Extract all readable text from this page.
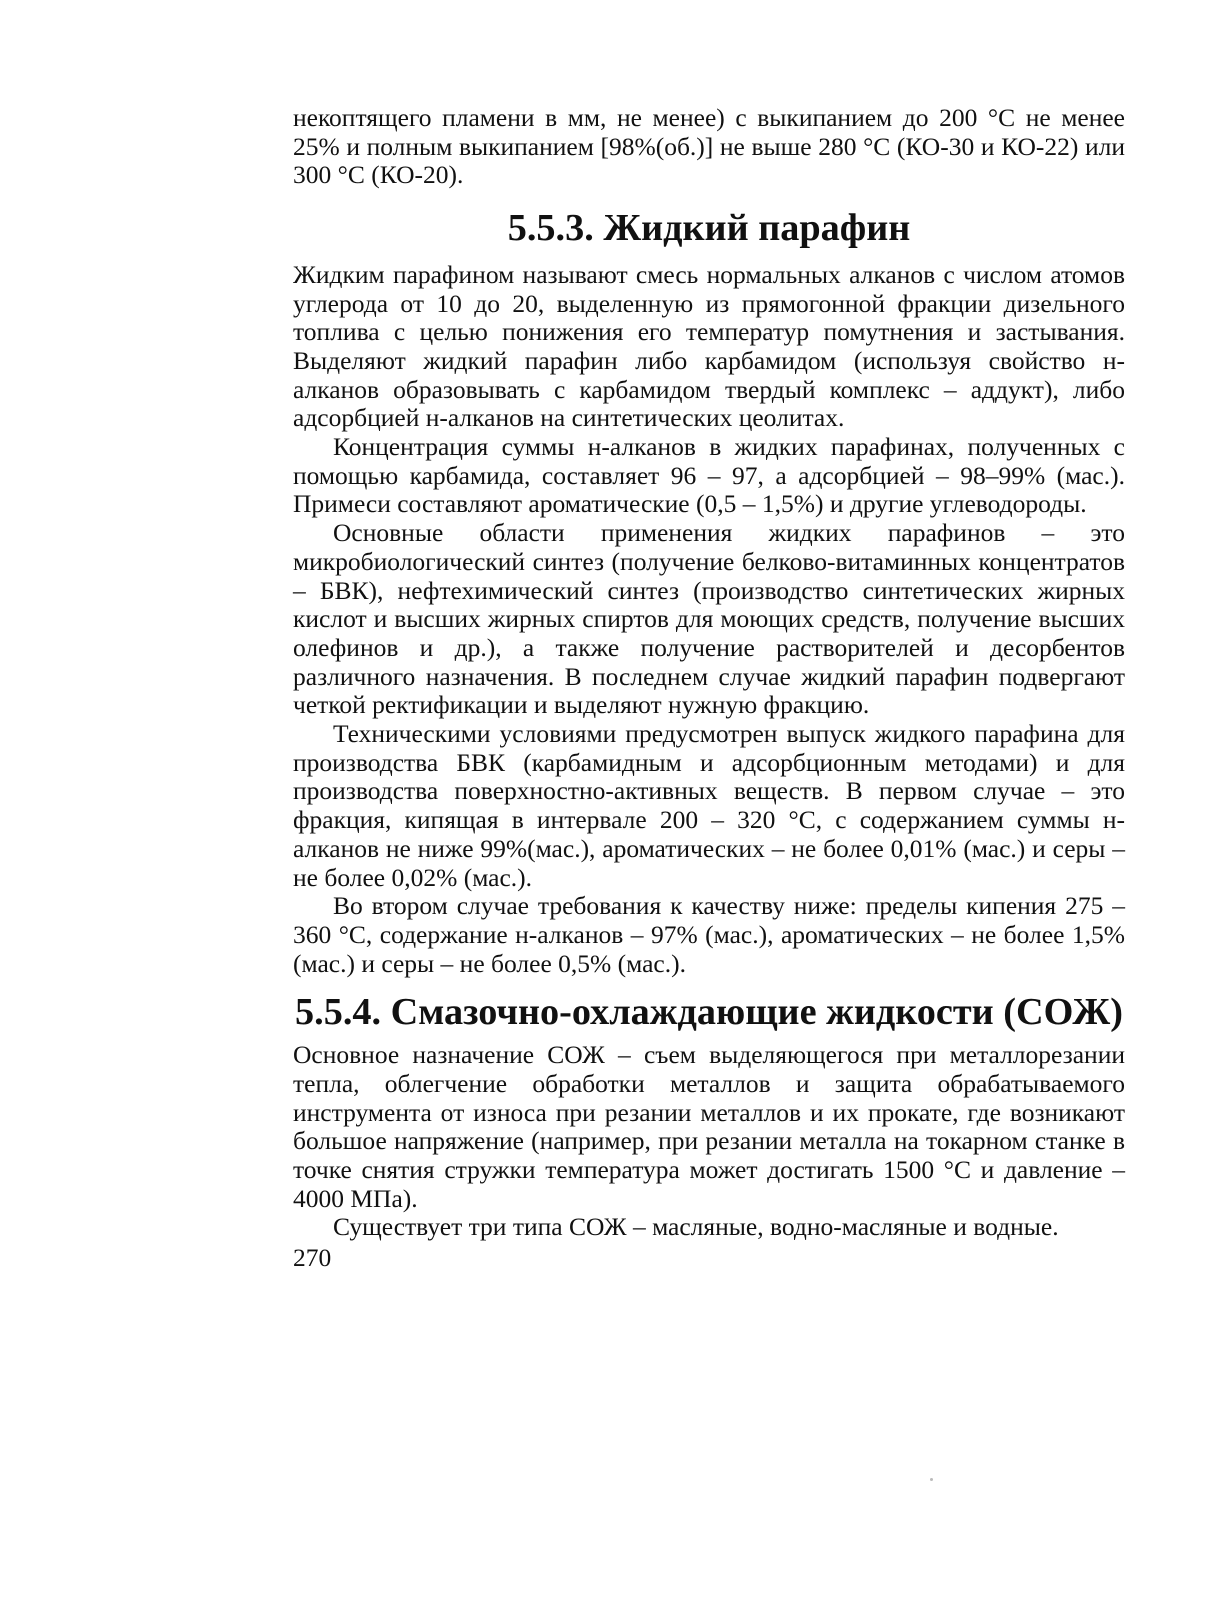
некоптящего пламени в мм, не менее) с выкипанием до 200 °С не менее 25% и полным выкипанием [98%(об.)] не выше 280 °С (КО-30 и КО-22) или 300 °С (КО-20).

5.5.3. Жидкий парафин

Жидким парафином называют смесь нормальных алканов с числом атомов углерода от 10 до 20, выделенную из прямогонной фракции дизельного топлива с целью понижения его температур помутнения и застывания. Выделяют жидкий парафин либо карбамидом (используя свойство н-алканов образовывать с карбамидом твердый комплекс – аддукт), либо адсорбцией н-алканов на синтетических цеолитах.

Концентрация суммы н-алканов в жидких парафинах, полученных с помощью карбамида, составляет 96 – 97, а адсорбцией – 98–99% (мас.). Примеси составляют ароматические (0,5 – 1,5%) и другие углеводороды.

Основные области применения жидких парафинов – это микробиологический синтез (получение белково-витаминных концентратов – БВК), нефтехимический синтез (производство синтетических жирных кислот и высших жирных спиртов для моющих средств, получение высших олефинов и др.), а также получение растворителей и десорбентов различного назначения. В последнем случае жидкий парафин подвергают четкой ректификации и выделяют нужную фракцию.

Техническими условиями предусмотрен выпуск жидкого парафина для производства БВК (карбамидным и адсорбционным методами) и для производства поверхностно-активных веществ. В первом случае – это фракция, кипящая в интервале 200 – 320 °С, с содержанием суммы н-алканов не ниже 99%(мас.), ароматических – не более 0,01% (мас.) и серы – не более 0,02% (мас.).

Во втором случае требования к качеству ниже: пределы кипения 275 – 360 °С, содержание н-алканов – 97% (мас.), ароматических – не более 1,5% (мас.) и серы – не более 0,5% (мас.).

5.5.4. Смазочно-охлаждающие жидкости (СОЖ)

Основное назначение СОЖ – съем выделяющегося при металлорезании тепла, облегчение обработки металлов и защита обрабатываемого инструмента от износа при резании металлов и их прокате, где возникают большое напряжение (например, при резании металла на токарном станке в точке снятия стружки температура может достигать 1500 °С и давление – 4000 МПа).

Существует три типа СОЖ – масляные, водно-масляные и водные.

270
